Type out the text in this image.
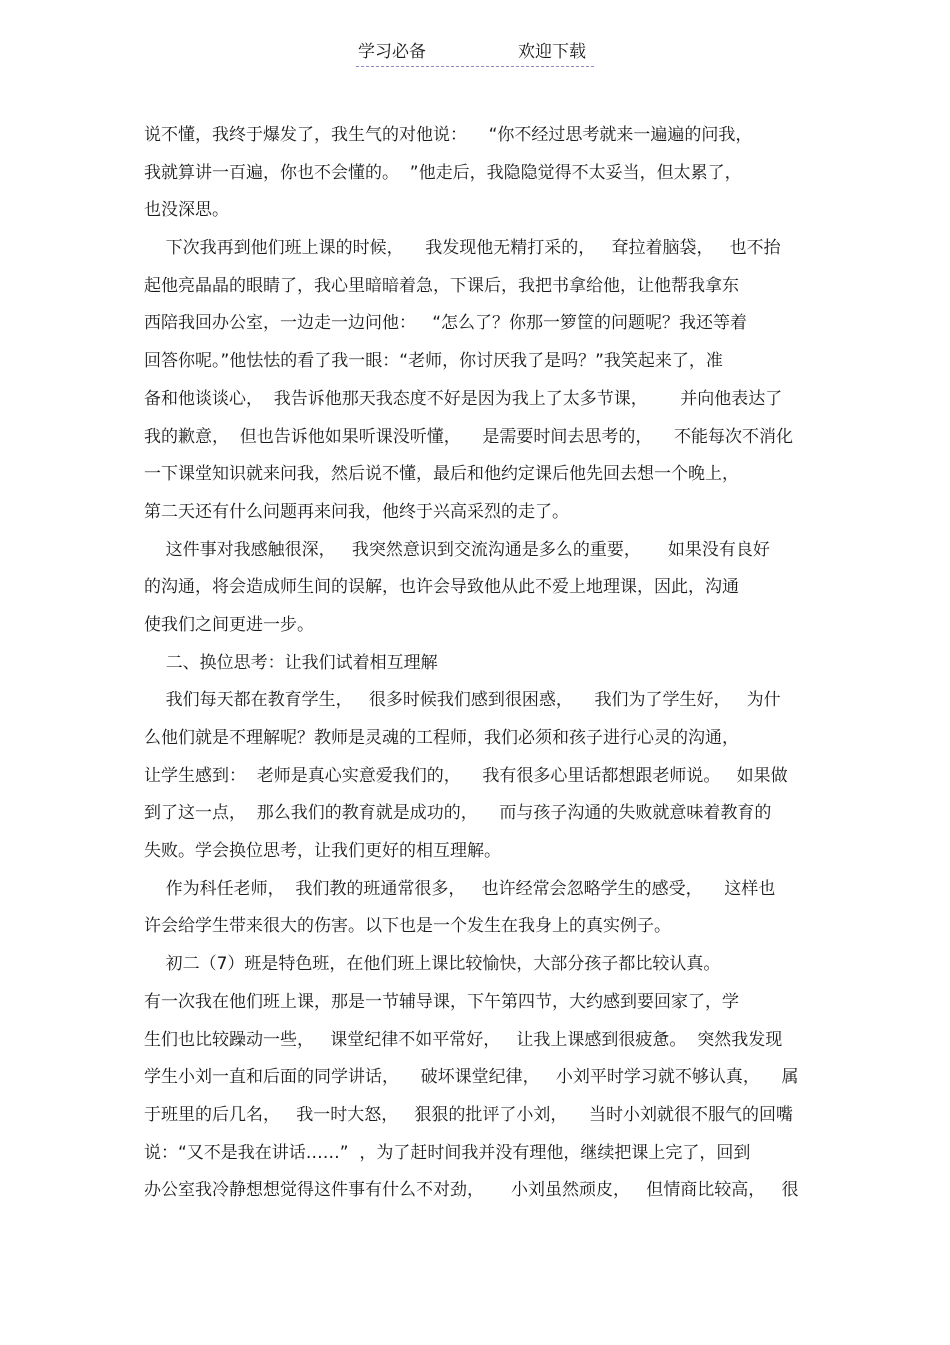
学习必备	欢迎下载
说不懂，我终于爆发了，我生气的对他说：    “你不经过思考就来一遍遍的问我，
我就算讲一百遍，你也不会懂的。  ”他走后，我隐隐觉得不太妥当，但太累了，
也没深思。
下次我再到他们班上课的时候，    我发现他无精打采的，   耷拉着脑袋，   也不抬
起他亮晶晶的眼睛了，我心里暗暗着急，下课后，我把书拿给他，让他帮我拿东
西陪我回办公室，一边走一边问他：   “怎么了？你那一箩筐的问题呢？我还等着
回答你呢。”他怯怯的看了我一眼：“老师，你讨厌我了是吗？”我笑起来了，准
备和他谈谈心，  我告诉他那天我态度不好是因为我上了太多节课，      并向他表达了
我的歉意，  但也告诉他如果听课没听懂，    是需要时间去思考的，    不能每次不消化
一下课堂知识就来问我，然后说不懂，最后和他约定课后他先回去想一个晚上，
第二天还有什么问题再来问我，他终于兴高采烈的走了。
这件事对我感触很深，   我突然意识到交流沟通是多么的重要，     如果没有良好
的沟通，将会造成师生间的误解，也许会导致他从此不爱上地理课，因此，沟通
使我们之间更进一步。
二、换位思考：让我们试着相互理解
我们每天都在教育学生，   很多时候我们感到很困惑，    我们为了学生好，   为什
么他们就是不理解呢？教师是灵魂的工程师，我们必须和孩子进行心灵的沟通，
让学生感到：  老师是真心实意爱我们的，    我有很多心里话都想跟老师说。   如果做
到了这一点，  那么我们的教育就是成功的，    而与孩子沟通的失败就意味着教育的
失败。学会换位思考，让我们更好的相互理解。
作为科任老师，  我们教的班通常很多，   也许经常会忽略学生的感受，    这样也
许会给学生带来很大的伤害。以下也是一个发生在我身上的真实例子。
初二（7）班是特色班，在他们班上课比较愉快，大部分孩子都比较认真。
有一次我在他们班上课，那是一节辅导课，下午第四节，大约感到要回家了，学
生们也比较躁动一些，   课堂纪律不如平常好，   让我上课感到很疲惫。  突然我发现
学生小刘一直和后面的同学讲话，    破坏课堂纪律，   小刘平时学习就不够认真，    属
于班里的后几名，   我一时大怒，   狠狠的批评了小刘，    当时小刘就很不服气的回嘴
说：“又不是我在讲话……”  ，为了赶时间我并没有理他，继续把课上完了，回到
办公室我冷静想想觉得这件事有什么不对劲，     小刘虽然顽皮，   但情商比较高，   很
